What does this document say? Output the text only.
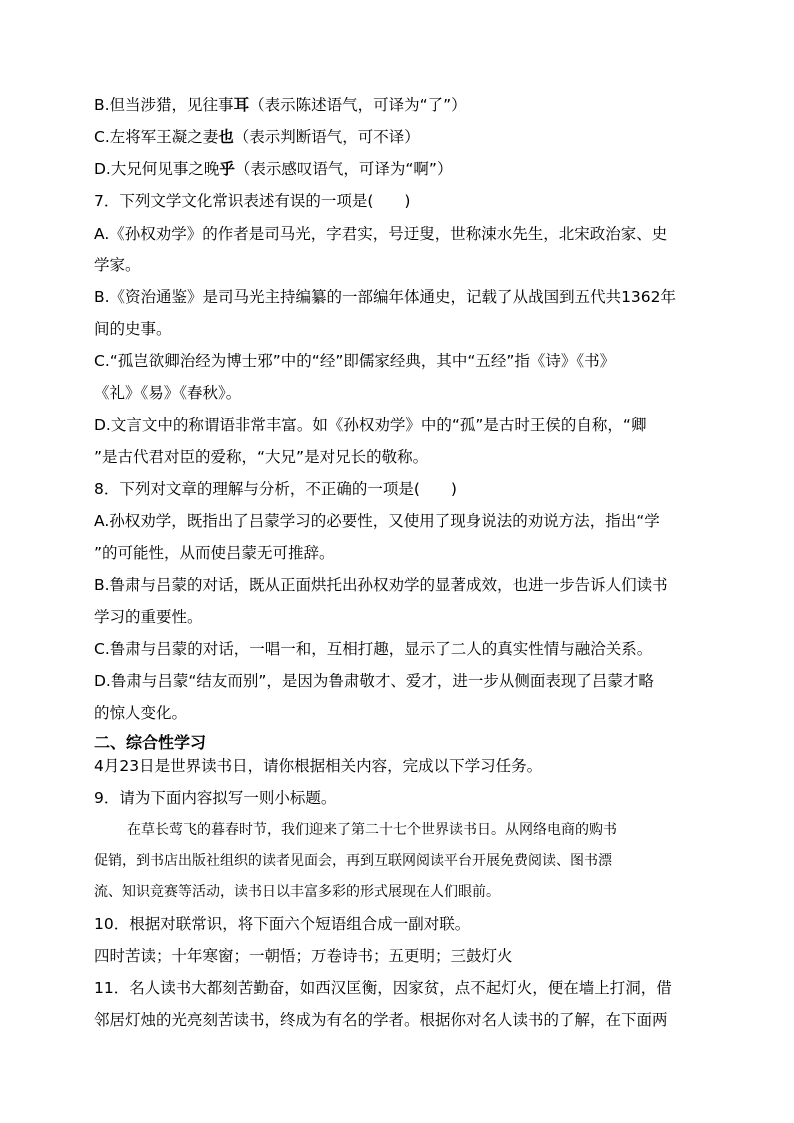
B.但当涉猎，见往事耳（表示陈述语气，可译为“了”）
C.左将军王凝之妻也（表示判断语气，可不译）
D.大兄何见事之晚乎（表示感叹语气，可译为“啊”）
7．下列文学文化常识表述有误的一项是(　　)
A.《孙权劝学》的作者是司马光，字君实，号迂叟，世称涑水先生，北宋政治家、史
学家。
B.《资治通鉴》是司马光主持编纂的一部编年体通史，记载了从战国到五代共1362年
间的史事。
C.“孤岂欲卿治经为博士邪”中的“经”即儒家经典，其中“五经”指《诗》《书》
《礼》《易》《春秋》。
D.文言文中的称谓语非常丰富。如《孙权劝学》中的“孤”是古时王侯的自称，“卿
”是古代君对臣的爱称，“大兄”是对兄长的敬称。
8．下列对文章的理解与分析，不正确的一项是(　　)
A.孙权劝学，既指出了吕蒙学习的必要性，又使用了现身说法的劝说方法，指出“学
”的可能性，从而使吕蒙无可推辞。
B.鲁肃与吕蒙的对话，既从正面烘托出孙权劝学的显著成效，也进一步告诉人们读书
学习的重要性。
C.鲁肃与吕蒙的对话，一唱一和，互相打趣，显示了二人的真实性情与融洽关系。
D.鲁肃与吕蒙“结友而别”，是因为鲁肃敬才、爱才，进一步从侧面表现了吕蒙才略
的惊人变化。
二、综合性学习
4月23日是世界读书日，请你根据相关内容，完成以下学习任务。
9．请为下面内容拟写一则小标题。
在草长莺飞的暮春时节，我们迎来了第二十七个世界读书日。从网络电商的购书
促销，到书店出版社组织的读者见面会，再到互联网阅读平台开展免费阅读、图书漂
流、知识竞赛等活动，读书日以丰富多彩的形式展现在人们眼前。
10．根据对联常识，将下面六个短语组合成一副对联。
四时苦读；十年寒窗；一朝悟；万卷诗书；五更明；三鼓灯火
11．名人读书大都刻苦勤奋，如西汉匡衡，因家贫，点不起灯火，便在墙上打洞，借
邻居灯烛的光亮刻苦读书，终成为有名的学者。根据你对名人读书的了解，在下面两
